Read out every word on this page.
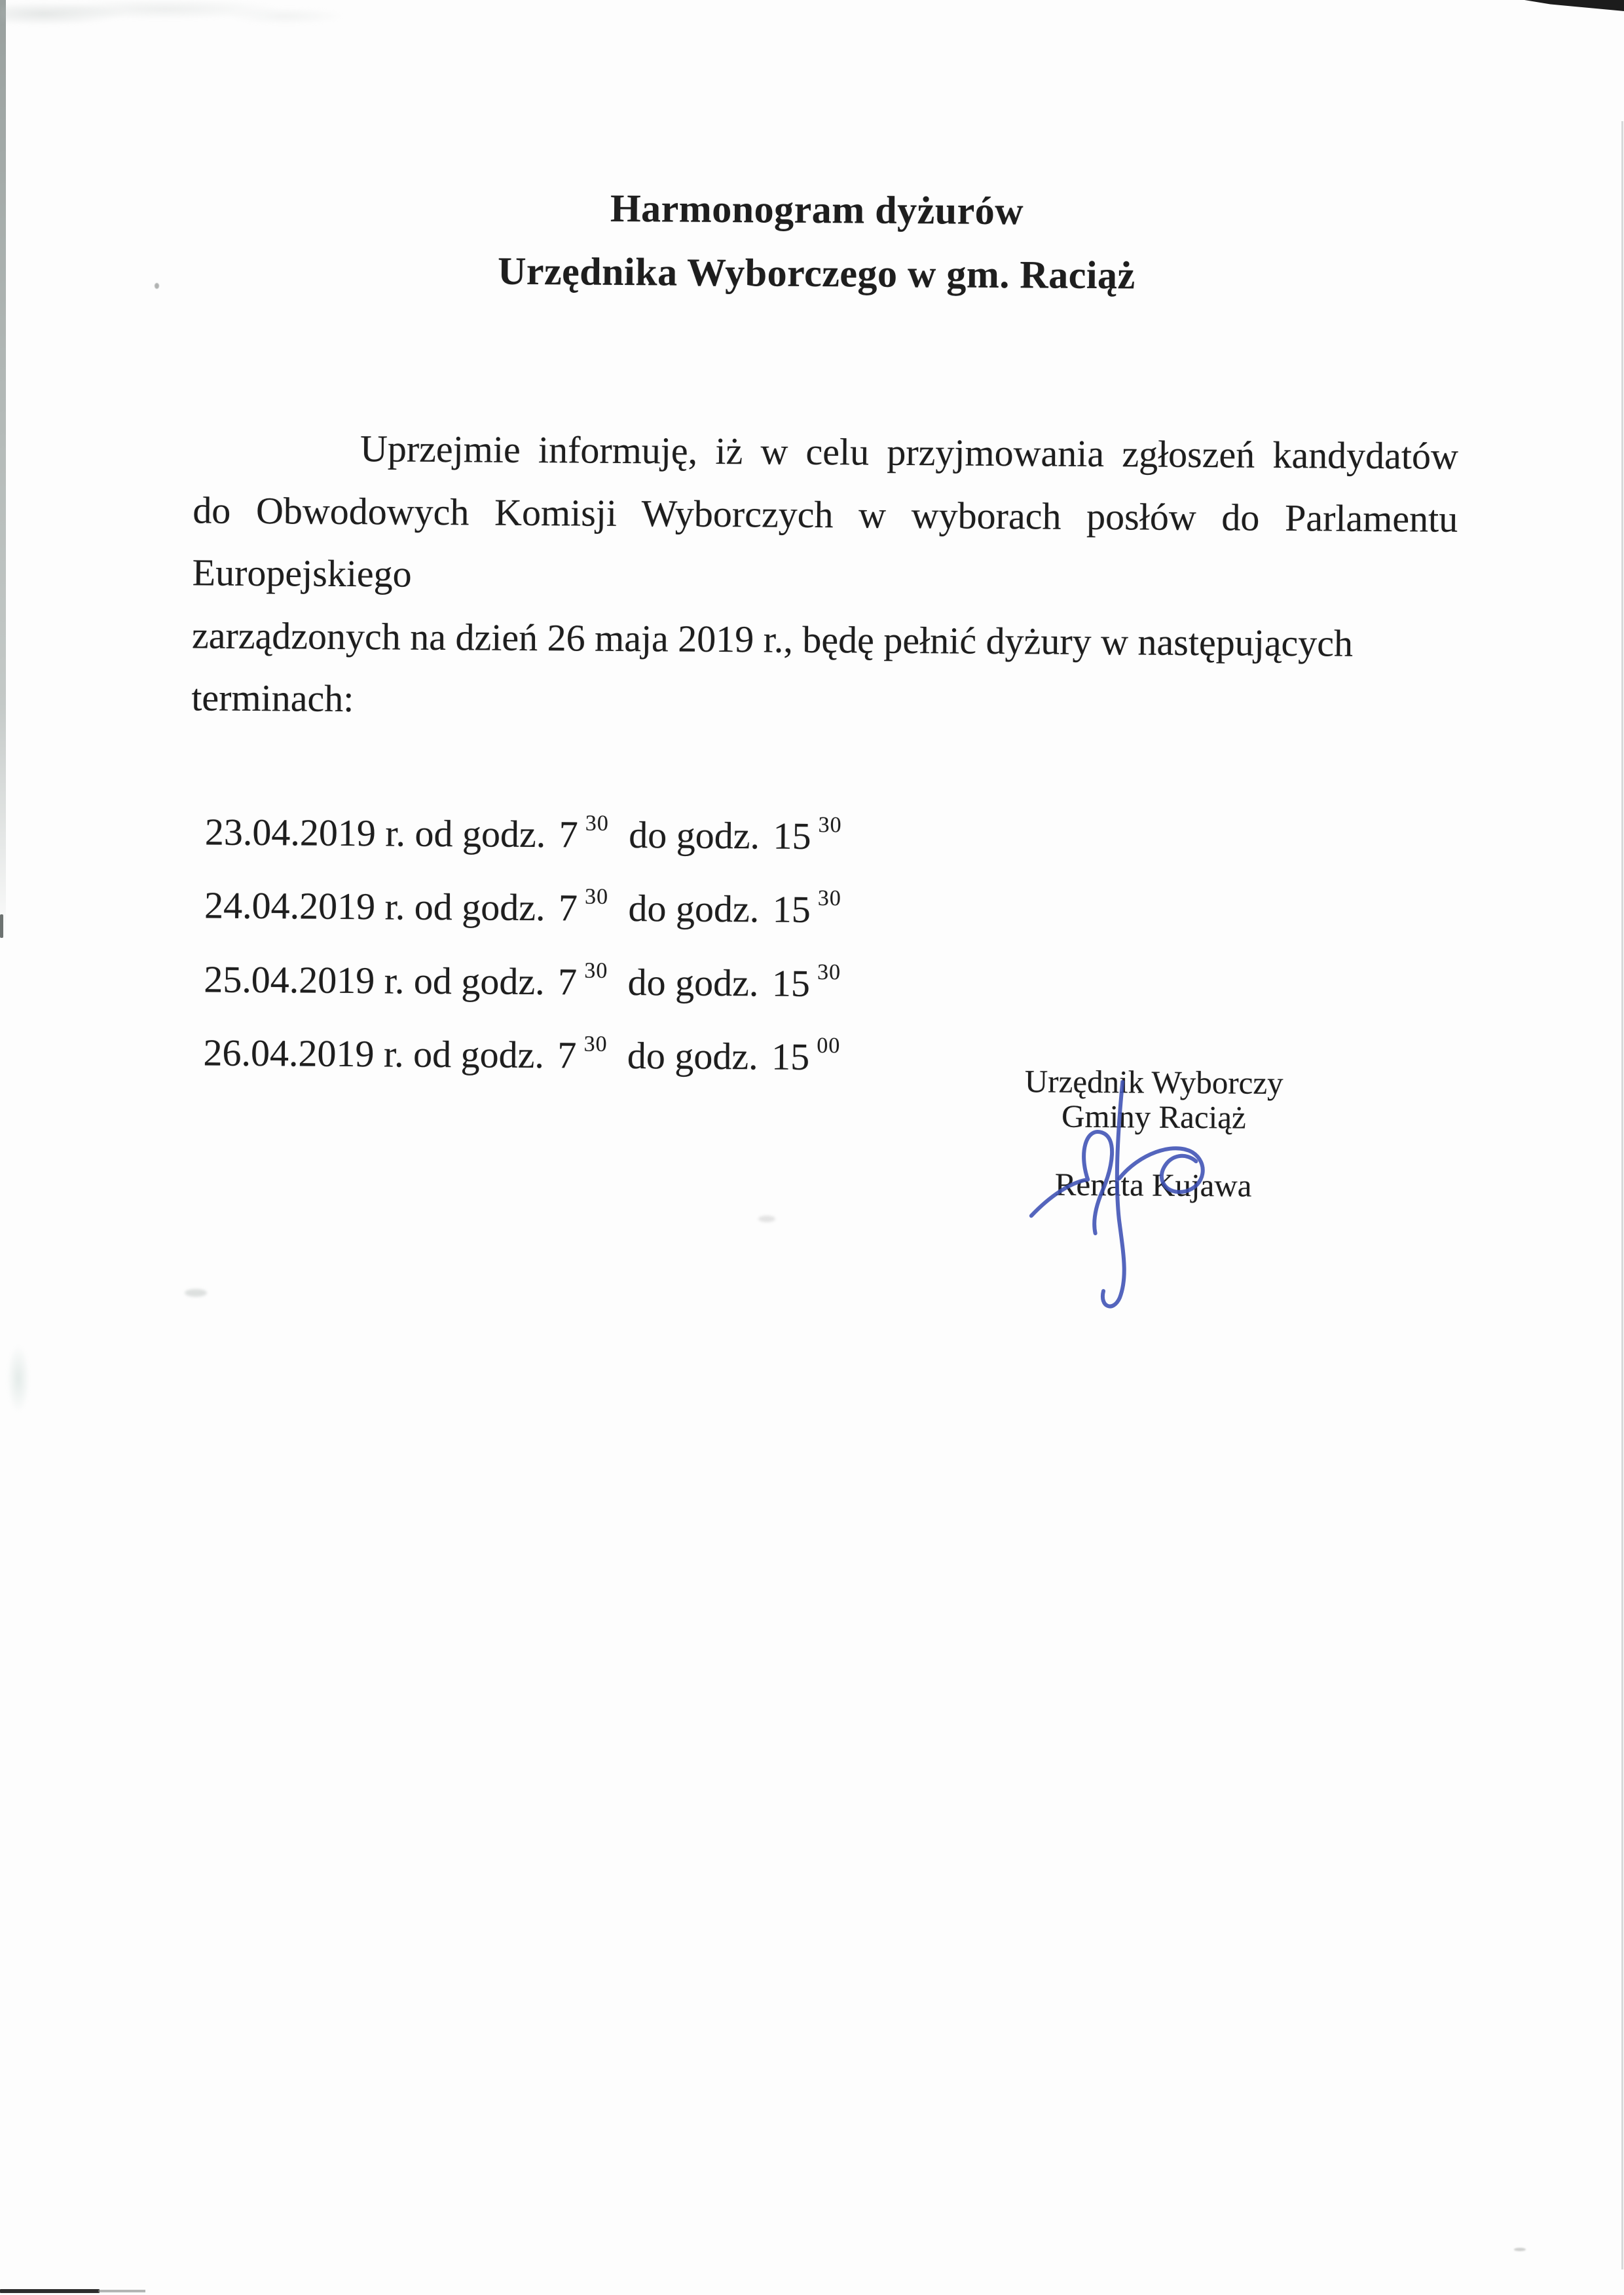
Harmonogram dyżurów
Urzędnika Wyborczego w gm. Raciąż
Uprzejmie informuję, iż w celu przyjmowania zgłoszeń kandydatów
do Obwodowych Komisji Wyborczych w wyborach posłów do Parlamentu Europejskiego
zarządzonych na dzień 26 maja 2019 r., będę pełnić dyżury w następujących terminach:
23.04.2019 r. od godz. 7 $^{30}$ do godz. 15 $^{30}$
24.04.2019 r. od godz. 7 $^{30}$ do godz. 15 $^{30}$
25.04.2019 r. od godz. 7 $^{30}$ do godz. 15 $^{30}$
26.04.2019 r. od godz. 7 $^{30}$ do godz. 15 $^{00}$
Urzędnik Wyborczy
Gminy Raciąż
Renata Kujawa
